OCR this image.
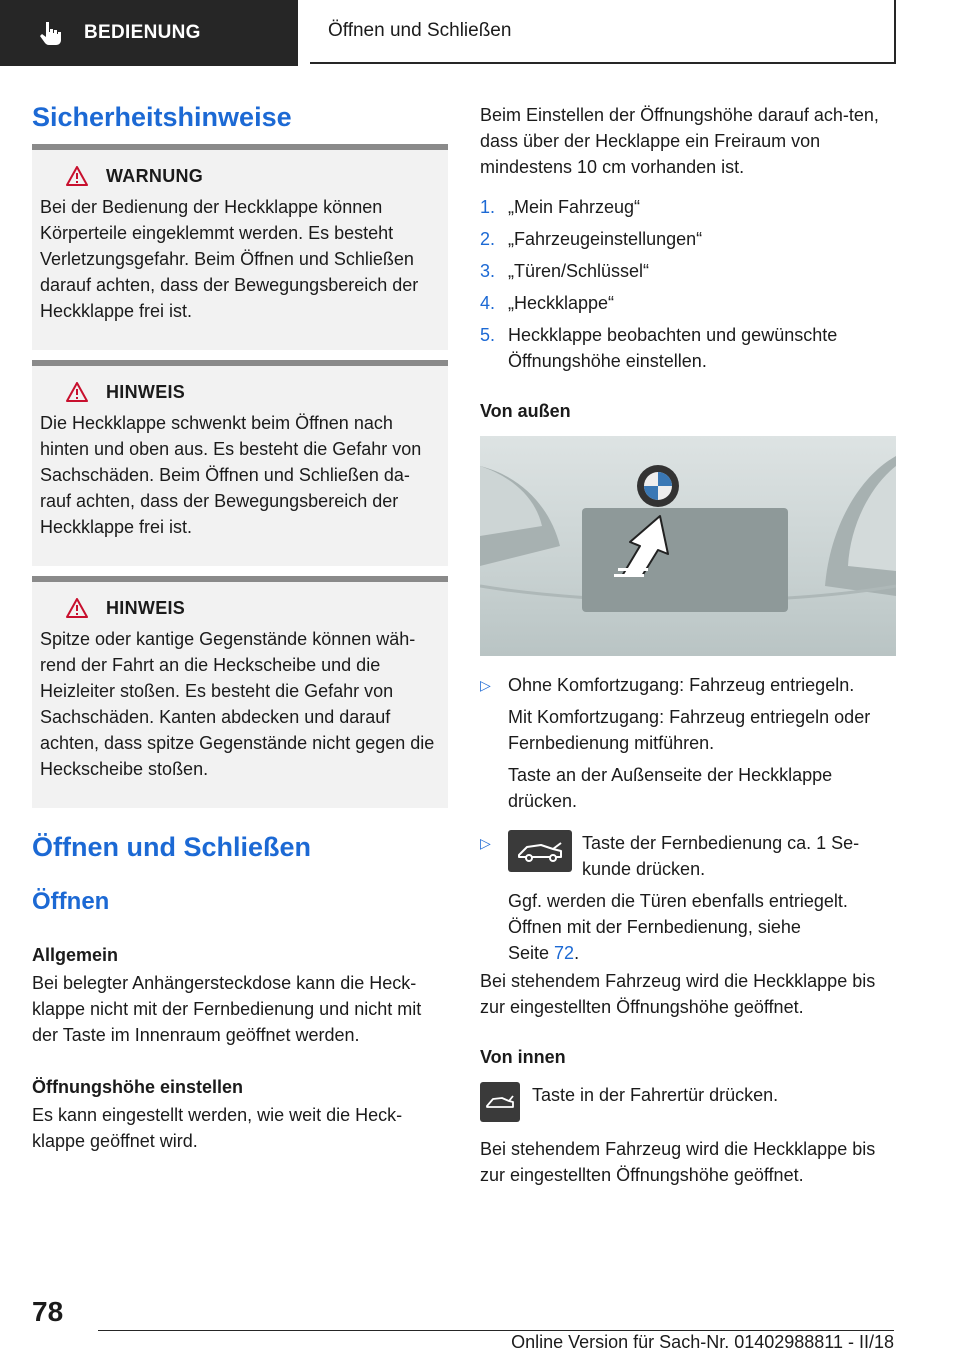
BEDIENUNG	Öffnen und Schließen
Sicherheitshinweise
WARNUNG

Bei der Bedienung der Heckklappe können Körperteile eingeklemmt werden. Es besteht Verletzungsgefahr. Beim Öffnen und Schließen darauf achten, dass der Bewegungsbereich der Heckklappe frei ist.

HINWEIS

Die Heckklappe schwenkt beim Öffnen nach hinten und oben aus. Es besteht die Gefahr von Sachschäden. Beim Öffnen und Schließen da-rauf achten, dass der Bewegungsbereich der Heckklappe frei ist.

HINWEIS

Spitze oder kantige Gegenstände können wäh-rend der Fahrt an die Heckscheibe und die Heizleiter stoßen. Es besteht die Gefahr von Sachschäden. Kanten abdecken und darauf achten, dass spitze Gegenstände nicht gegen die Heckscheibe stoßen.

Öffnen und Schließen
Öffnen
Allgemein

Bei belegter Anhängersteckdose kann die Heck-klappe nicht mit der Fernbedienung und nicht mit der Taste im Innenraum geöffnet werden.

Öffnungshöhe einstellen

Es kann eingestellt werden, wie weit die Heck-klappe geöffnet wird.

Beim Einstellen der Öffnungshöhe darauf ach-ten, dass über der Hecklappe ein Freiraum von mindestens 10 cm vorhanden ist.

1. „Mein Fahrzeug“
2. „Fahrzeugeinstellungen“
3. „Türen/Schlüssel“
4. „Heckklappe“
5. Heckklappe beobachten und gewünschte Öffnungshöhe einstellen.
Von außen
▷ Ohne Komfortzugang: Fahrzeug entriegeln.

Mit Komfortzugang: Fahrzeug entriegeln oder Fernbedienung mitführen.

Taste an der Außenseite der Heckklappe drücken.

▷	Taste der Fernbedienung ca. 1 Se-kunde drücken.

Ggf. werden die Türen ebenfalls entriegelt. Öffnen mit der Fernbedienung, siehe
Seite 72.

Bei stehendem Fahrzeug wird die Heckklappe bis zur eingestellten Öffnungshöhe geöffnet.

Von innen
Taste in der Fahrertür drücken.

Bei stehendem Fahrzeug wird die Heckklappe bis zur eingestellten Öffnungshöhe geöffnet.

78
Online Version für Sach-Nr. 01402988811 - II/18
